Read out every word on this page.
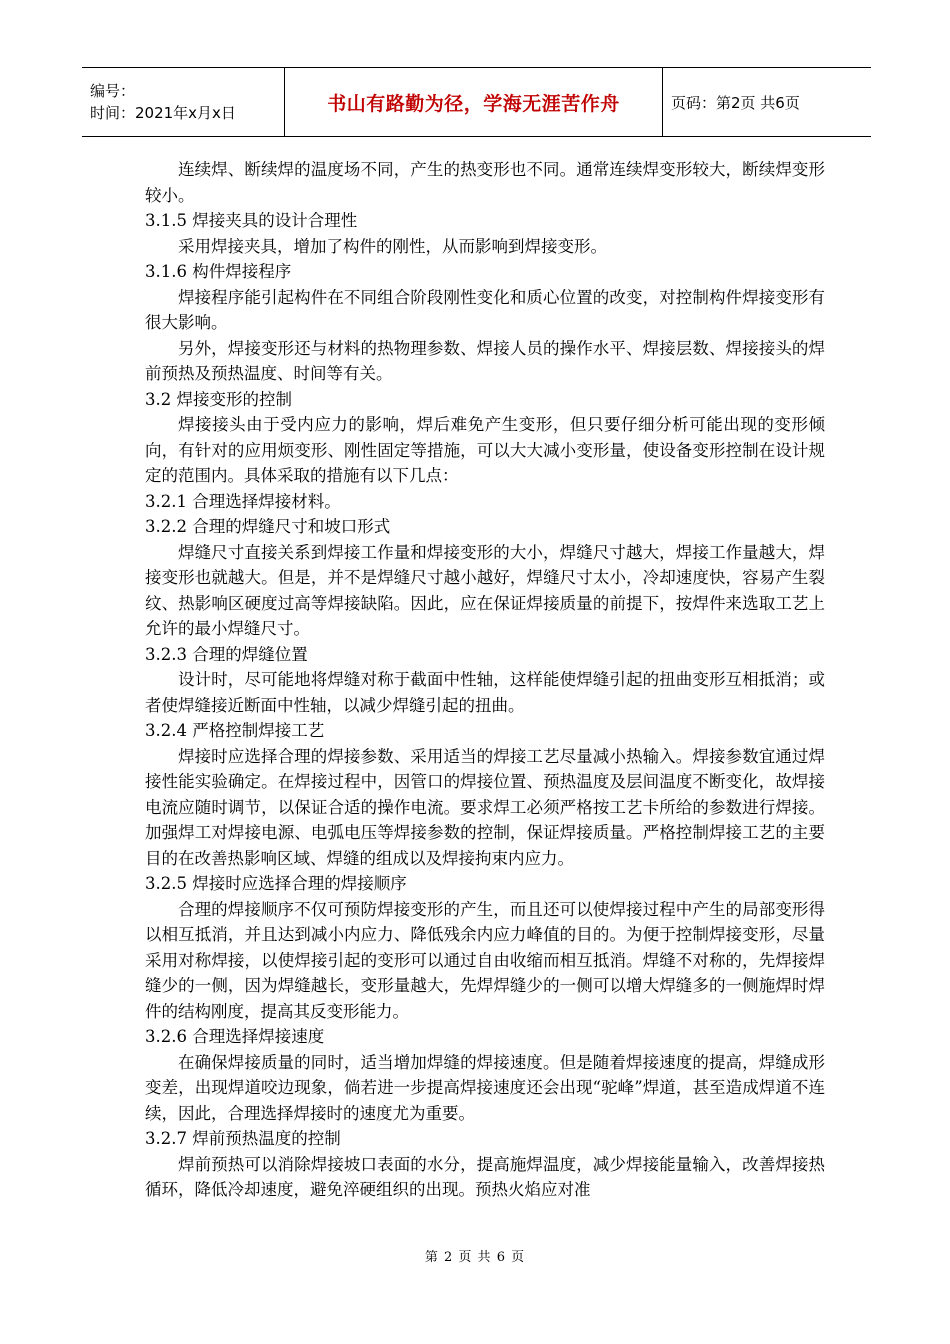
编号：
时间：2021年x月x日	书山有路勤为径，学海无涯苦作舟	页码：第2页 共6页

连续焊、断续焊的温度场不同，产生的热变形也不同。通常连续焊变形较大，断续焊变形较小。

3.1.5 焊接夹具的设计合理性

采用焊接夹具，增加了构件的刚性，从而影响到焊接变形。

3.1.6 构件焊接程序

焊接程序能引起构件在不同组合阶段刚性变化和质心位置的改变，对控制构件焊接变形有很大影响。

另外，焊接变形还与材料的热物理参数、焊接人员的操作水平、焊接层数、焊接接头的焊前预热及预热温度、时间等有关。

3.2 焊接变形的控制

焊接接头由于受内应力的影响，焊后难免产生变形，但只要仔细分析可能出现的变形倾向，有针对的应用烦变形、刚性固定等措施，可以大大减小变形量，使设备变形控制在设计规定的范围内。具体采取的措施有以下几点：

3.2.1 合理选择焊接材料。

3.2.2 合理的焊缝尺寸和坡口形式

焊缝尺寸直接关系到焊接工作量和焊接变形的大小，焊缝尺寸越大，焊接工作量越大，焊接变形也就越大。但是，并不是焊缝尺寸越小越好，焊缝尺寸太小，冷却速度快，容易产生裂纹、热影响区硬度过高等焊接缺陷。因此，应在保证焊接质量的前提下，按焊件来选取工艺上允许的最小焊缝尺寸。

3.2.3 合理的焊缝位置

设计时，尽可能地将焊缝对称于截面中性轴，这样能使焊缝引起的扭曲变形互相抵消；或者使焊缝接近断面中性轴，以减少焊缝引起的扭曲。

3.2.4 严格控制焊接工艺

焊接时应选择合理的焊接参数、采用适当的焊接工艺尽量减小热输入。焊接参数宜通过焊接性能实验确定。在焊接过程中，因管口的焊接位置、预热温度及层间温度不断变化，故焊接电流应随时调节，以保证合适的操作电流。要求焊工必须严格按工艺卡所给的参数进行焊接。加强焊工对焊接电源、电弧电压等焊接参数的控制，保证焊接质量。严格控制焊接工艺的主要目的在改善热影响区域、焊缝的组成以及焊接拘束内应力。

3.2.5 焊接时应选择合理的焊接顺序

合理的焊接顺序不仅可预防焊接变形的产生，而且还可以使焊接过程中产生的局部变形得以相互抵消，并且达到减小内应力、降低残余内应力峰值的目的。为便于控制焊接变形，尽量采用对称焊接，以使焊接引起的变形可以通过自由收缩而相互抵消。焊缝不对称的，先焊接焊缝少的一侧，因为焊缝越长，变形量越大，先焊焊缝少的一侧可以增大焊缝多的一侧施焊时焊件的结构刚度，提高其反变形能力。

3.2.6 合理选择焊接速度

在确保焊接质量的同时，适当增加焊缝的焊接速度。但是随着焊接速度的提高，焊缝成形变差，出现焊道咬边现象，倘若进一步提高焊接速度还会出现“驼峰”焊道，甚至造成焊道不连续，因此，合理选择焊接时的速度尤为重要。

3.2.7 焊前预热温度的控制

焊前预热可以消除焊接坡口表面的水分，提高施焊温度，减少焊接能量输入，改善焊接热循环，降低冷却速度，避免淬硬组织的出现。预热火焰应对准

第 2 页 共 6 页
